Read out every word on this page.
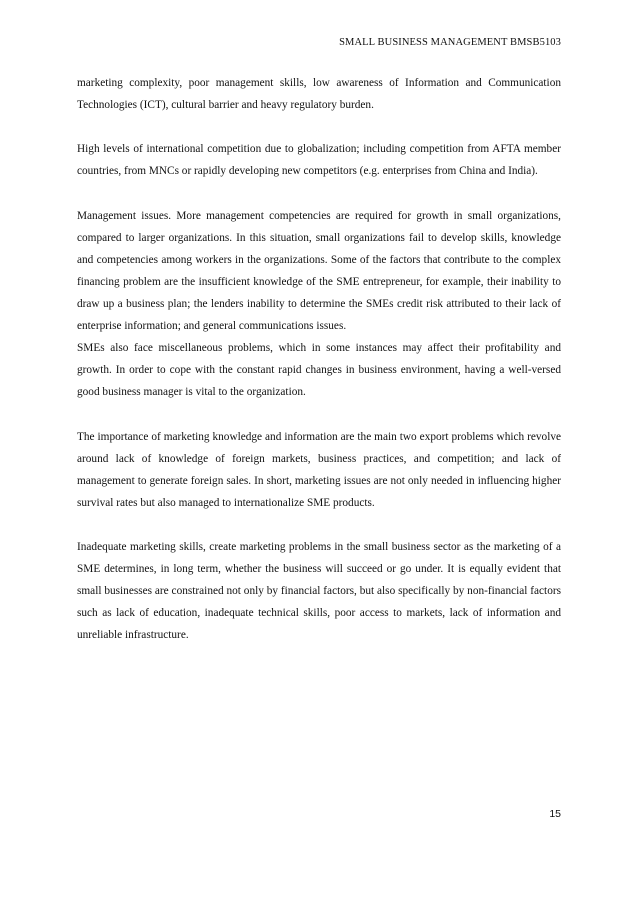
SMALL BUSINESS MANAGEMENT BMSB5103

marketing complexity, poor management skills, low awareness of Information and Communication Technologies (ICT), cultural barrier and heavy regulatory burden.

High levels of international competition due to globalization; including competition from AFTA member countries, from MNCs or rapidly developing new competitors (e.g. enterprises from China and India).

Management issues. More management competencies are required for growth in small organizations, compared to larger organizations. In this situation, small organizations fail to develop skills, knowledge and competencies among workers in the organizations. Some of the factors that contribute to the complex financing problem are the insufficient knowledge of the SME entrepreneur, for example, their inability to draw up a business plan; the lenders inability to determine the SMEs credit risk attributed to their lack of enterprise information; and general communications issues.

SMEs also face miscellaneous problems, which in some instances may affect their profitability and growth. In order to cope with the constant rapid changes in business environment, having a well-versed good business manager is vital to the organization.

The importance of marketing knowledge and information are the main two export problems which revolve around lack of knowledge of foreign markets, business practices, and competition; and lack of management to generate foreign sales. In short, marketing issues are not only needed in influencing higher survival rates but also managed to internationalize SME products.

Inadequate marketing skills, create marketing problems in the small business sector as the marketing of a SME determines, in long term, whether the business will succeed or go under. It is equally evident that small businesses are constrained not only by financial factors, but also specifically by non-financial factors such as lack of education, inadequate technical skills, poor access to markets, lack of information and unreliable infrastructure.

15
